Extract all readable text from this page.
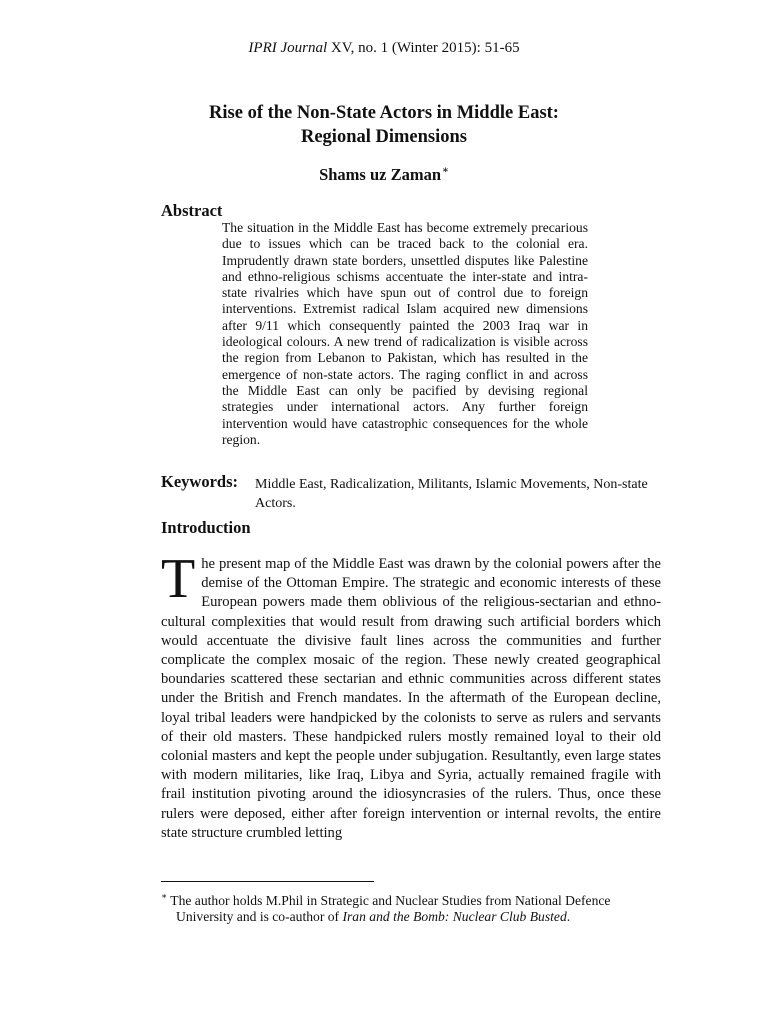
IPRI Journal XV, no. 1 (Winter 2015): 51-65
Rise of the Non-State Actors in Middle East:
Regional Dimensions
Shams uz Zaman∗
Abstract
The situation in the Middle East has become extremely precarious due to issues which can be traced back to the colonial era. Imprudently drawn state borders, unsettled disputes like Palestine and ethno-religious schisms accentuate the inter-state and intra-state rivalries which have spun out of control due to foreign interventions. Extremist radical Islam acquired new dimensions after 9/11 which consequently painted the 2003 Iraq war in ideological colours. A new trend of radicalization is visible across the region from Lebanon to Pakistan, which has resulted in the emergence of non-state actors. The raging conflict in and across the Middle East can only be pacified by devising regional strategies under international actors. Any further foreign intervention would have catastrophic consequences for the whole region.
Keywords: Middle East, Radicalization, Militants, Islamic Movements, Non-state Actors.
Introduction
The present map of the Middle East was drawn by the colonial powers after the demise of the Ottoman Empire. The strategic and economic interests of these European powers made them oblivious of the religious-sectarian and ethno-cultural complexities that would result from drawing such artificial borders which would accentuate the divisive fault lines across the communities and further complicate the complex mosaic of the region. These newly created geographical boundaries scattered these sectarian and ethnic communities across different states under the British and French mandates. In the aftermath of the European decline, loyal tribal leaders were handpicked by the colonists to serve as rulers and servants of their old masters. These handpicked rulers mostly remained loyal to their old colonial masters and kept the people under subjugation. Resultantly, even large states with modern militaries, like Iraq, Libya and Syria, actually remained fragile with frail institution pivoting around the idiosyncrasies of the rulers. Thus, once these rulers were deposed, either after foreign intervention or internal revolts, the entire state structure crumbled letting
∗ The author holds M.Phil in Strategic and Nuclear Studies from National Defence
University and is co-author of Iran and the Bomb: Nuclear Club Busted.
